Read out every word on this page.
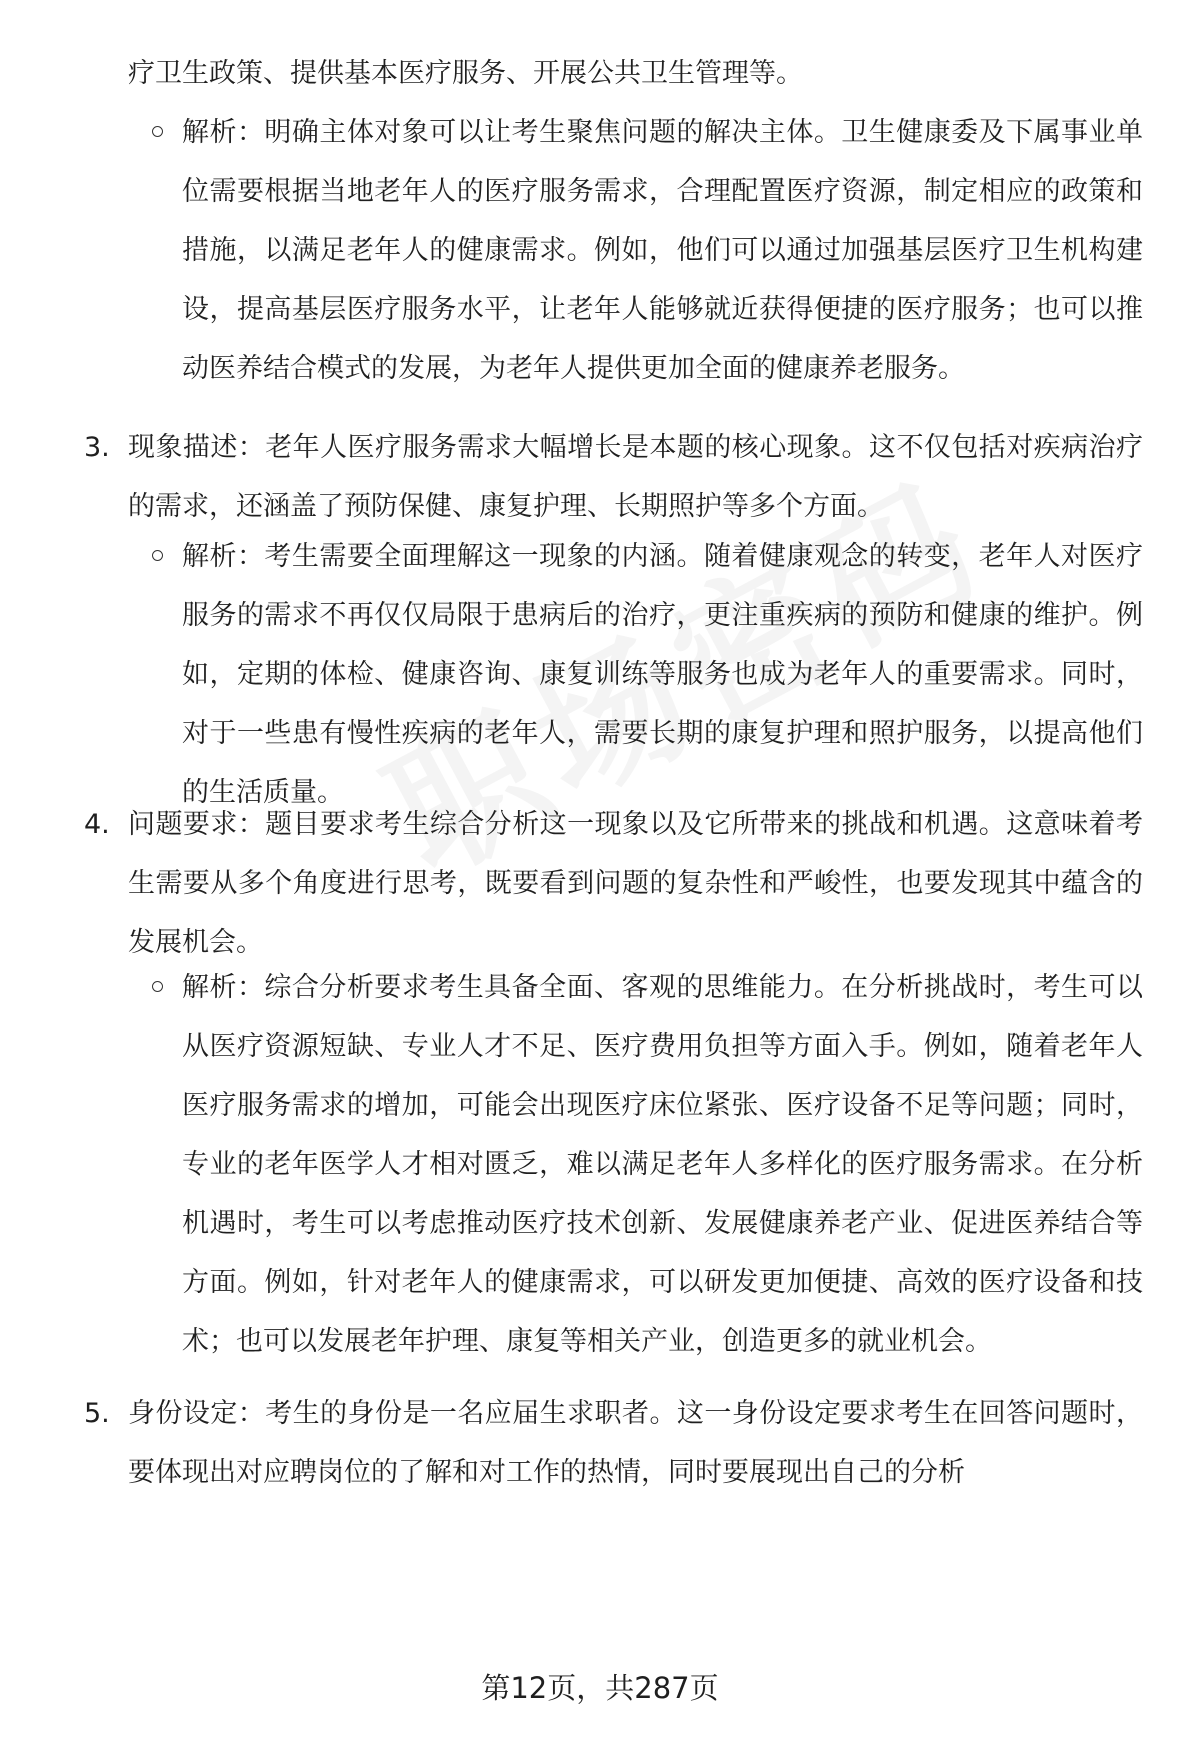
疗卫生政策、提供基本医疗服务、开展公共卫生管理等。
解析：明确主体对象可以让考生聚焦问题的解决主体。卫生健康委及下属事业单位需要根据当地老年人的医疗服务需求，合理配置医疗资源，制定相应的政策和措施，以满足老年人的健康需求。例如，他们可以通过加强基层医疗卫生机构建设，提高基层医疗服务水平，让老年人能够就近获得便捷的医疗服务；也可以推动医养结合模式的发展，为老年人提供更加全面的健康养老服务。
3. 现象描述：老年人医疗服务需求大幅增长是本题的核心现象。这不仅包括对疾病治疗的需求，还涵盖了预防保健、康复护理、长期照护等多个方面。
解析：考生需要全面理解这一现象的内涵。随着健康观念的转变，老年人对医疗服务的需求不再仅仅局限于患病后的治疗，更注重疾病的预防和健康的维护。例如，定期的体检、健康咨询、康复训练等服务也成为老年人的重要需求。同时，对于一些患有慢性疾病的老年人，需要长期的康复护理和照护服务，以提高他们的生活质量。
4. 问题要求：题目要求考生综合分析这一现象以及它所带来的挑战和机遇。这意味着考生需要从多个角度进行思考，既要看到问题的复杂性和严峻性，也要发现其中蕴含的发展机会。
解析：综合分析要求考生具备全面、客观的思维能力。在分析挑战时，考生可以从医疗资源短缺、专业人才不足、医疗费用负担等方面入手。例如，随着老年人医疗服务需求的增加，可能会出现医疗床位紧张、医疗设备不足等问题；同时，专业的老年医学人才相对匮乏，难以满足老年人多样化的医疗服务需求。在分析机遇时，考生可以考虑推动医疗技术创新、发展健康养老产业、促进医养结合等方面。例如，针对老年人的健康需求，可以研发更加便捷、高效的医疗设备和技术；也可以发展老年护理、康复等相关产业，创造更多的就业机会。
5. 身份设定：考生的身份是一名应届生求职者。这一身份设定要求考生在回答问题时，要体现出对应聘岗位的了解和对工作的热情，同时要展现出自己的分析
第12页，共287页
